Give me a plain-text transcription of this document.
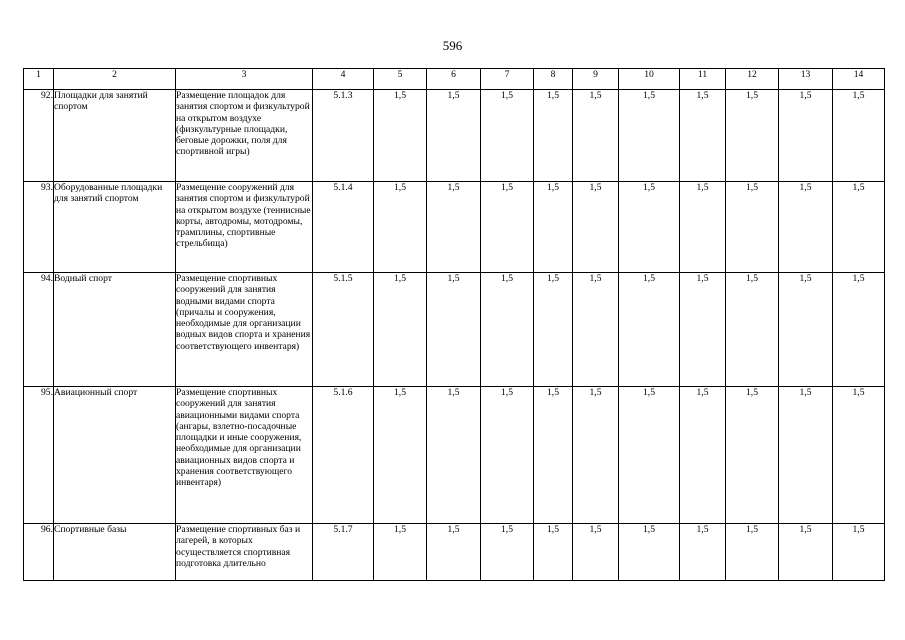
596
1	2	3	4	5	6	7	8	9	10	11	12	13	14
92.	Площадки для занятий спортом	Размещение площадок для занятия спортом и физкультурой на открытом воздухе (физкультурные площадки, беговые дорожки, поля для спортивной игры)	5.1.3	1,5	1,5	1,5	1,5	1,5	1,5	1,5	1,5	1,5	1,5
93.	Оборудованные площадки для занятий спортом	Размещение сооружений для занятия спортом и физкультурой на открытом воздухе (теннисные корты, автодромы, мотодромы, трамплины, спортивные стрельбища)	5.1.4	1,5	1,5	1,5	1,5	1,5	1,5	1,5	1,5	1,5	1,5
94.	Водный спорт	Размещение спортивных сооружений для занятия водными видами спорта (причалы и сооружения, необходимые для организации водных видов спорта и хранения соответствующего инвентаря)	5.1.5	1,5	1,5	1,5	1,5	1,5	1,5	1,5	1,5	1,5	1,5
95.	Авиационный спорт	Размещение спортивных сооружений для занятия авиационными видами спорта (ангары, взлетно-посадочные площадки и иные сооружения, необходимые для организации авиационных видов спорта и хранения соответствующего инвентаря)	5.1.6	1,5	1,5	1,5	1,5	1,5	1,5	1,5	1,5	1,5	1,5
96.	Спортивные базы	Размещение спортивных баз и лагерей, в которых осуществляется спортивная подготовка длительно	5.1.7	1,5	1,5	1,5	1,5	1,5	1,5	1,5	1,5	1,5	1,5
